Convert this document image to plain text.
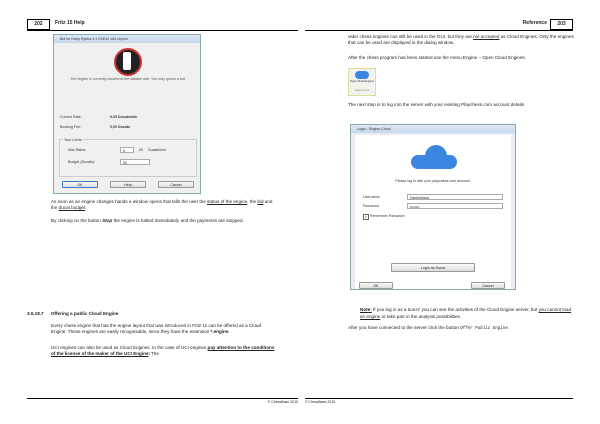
202	Fritz 15 Help
Bid for Deep Rybka 4.1 SSE42 x64 chymn
The engine is currently booked at the bidable rate. You may queue a bid.
Current Rate:	0,05 Ducats/min
Booking Fee:	0,00 Ducats
Your Limits
Max Rates:	5	,05 Ducats/min
Budget (Ducats):	50
OK	Help	Cancel
As soon as an engine changes hands a window opens that tells the user the status of the engine, the bid and the ducat budget.
By clicking on the button Stop the engine is halted immediately and the payments are stopped.
3.5.18.7 Offering a public Cloud Engine
Every chess engine that has the engine layout that was introduced in Fritz 11 can be offered as a Cloud Engine. These engines are easily recognisable, since they have the extension *.engine.
UCI engines can also be used as Cloud Engines. In the case of UCI engines pay attention to the conditions of the license of the maker of the UCI Engine! The
© ChessBase 2015
Reference	203
older chess engines can still be used in the GUI, but they are not accepted as Cloud Engines. Only the engines that can be used are displayed in the dialog window.
After the chess program has been started use the menu Engine – Open Cloud Engines.
Open Cloud Engines
Engine Cloud
The next step is to log into the server with your existing Playchess.com account details.
Login - Engine Cloud
Please log in with your playchess.com account.
Username	Dankmeteus
Password	••••••••
✓ Remember Password
Login as Guest
OK	Cancel
Note: If you log in as a Guest you can see the activities of the Cloud Engine server, but you cannot load an engine or take part in the analysis possibilities.
After you have connected to the server click the button Offer Public Engine.
© ChessBase 2015
